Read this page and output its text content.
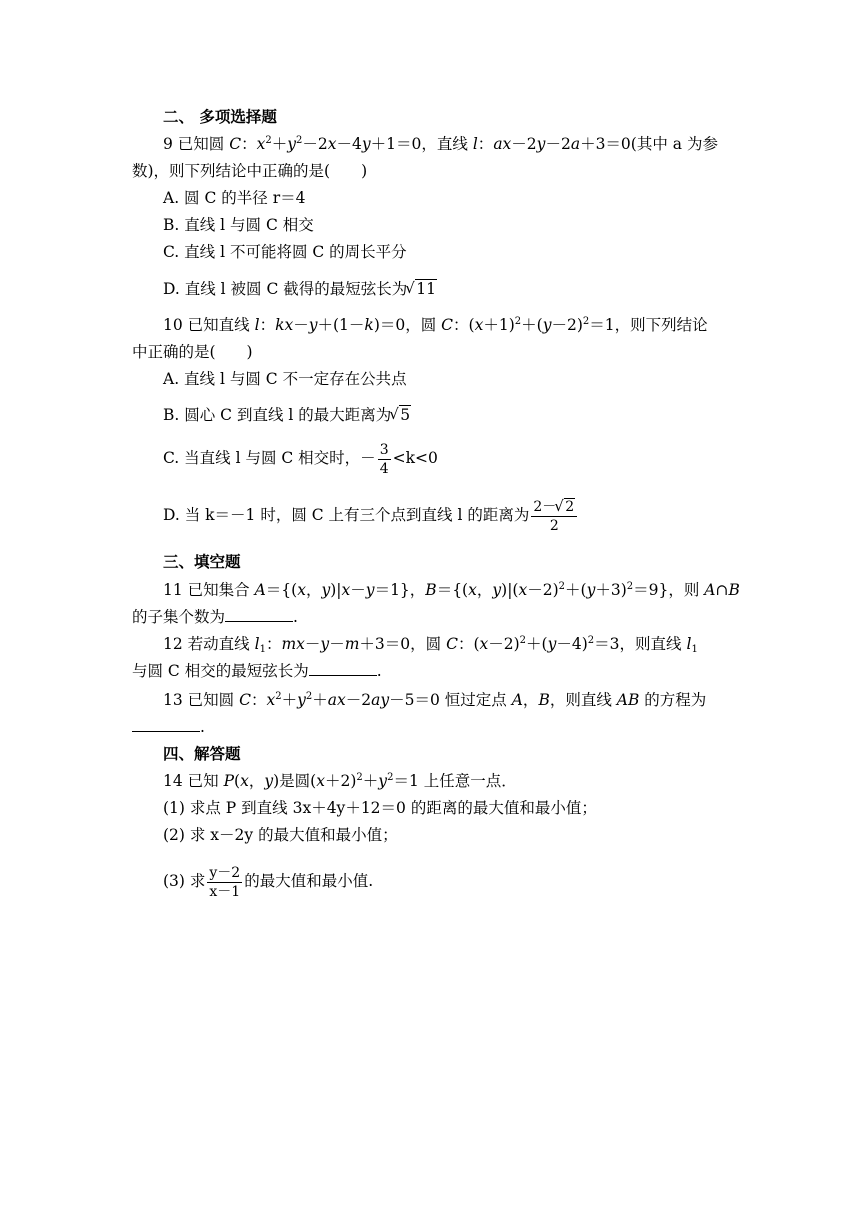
二、 多项选择题
9 已知圆 C：$x^2+y^2-2x-4y+1=0$，直线 l：ax－2y－2a＋3＝0(其中 a 为参
数)，则下列结论中正确的是(　　)
A. 圆 C 的半径 r＝4
B. 直线 l 与圆 C 相交
C. 直线 l 不可能将圆 C 的周长平分
D. 直线 l 被圆 C 截得的最短弦长为 √ 11
10 已知直线 l：kx－y＋(1－k)＝0，圆 C：$(x+1)^2+(y-2)^2=1$，则下列结论
中正确的是(　　)
A. 直线 l 与圆 C 不一定存在公共点
B. 圆心 C 到直线 l 的最大距离为 √ 5
C. 当直线 l 与圆 C 相交时，－ $\frac{3}{4} <k<0$
D. 当 k＝－1 时，圆 C 上有三个点到直线 l 的距离为 $\frac{2- √ 2}{2}$
三、填空题
11 已知集合 A＝{(x，y)|x－y＝1}，B＝{(x，$y)|(x-2)^2+(y+3)^2=9$}，则 A∩B
的子集个数为	.
12 若动直线 $l_1$：mx－y－m＋3＝0，圆 C：$(x-2)^2+(y-4)^2=3$，则直线 $l_1$
与圆 C 相交的最短弦长为	.
13 已知圆 C：$x^2+y^2+ax-2ay-5=0$ 恒过定点 A，B，则直线 AB 的方程为
.
四、解答题
14 已知 P(x，y)是圆$(x+2)^2+y^2=1$ 上任意一点．
(1) 求点 P 到直线 3x＋4y＋12＝0 的距离的最大值和最小值；
(2) 求 x－2y 的最大值和最小值；
(3) 求 $\frac{y-2}{x-1}$ 的最大值和最小值.
